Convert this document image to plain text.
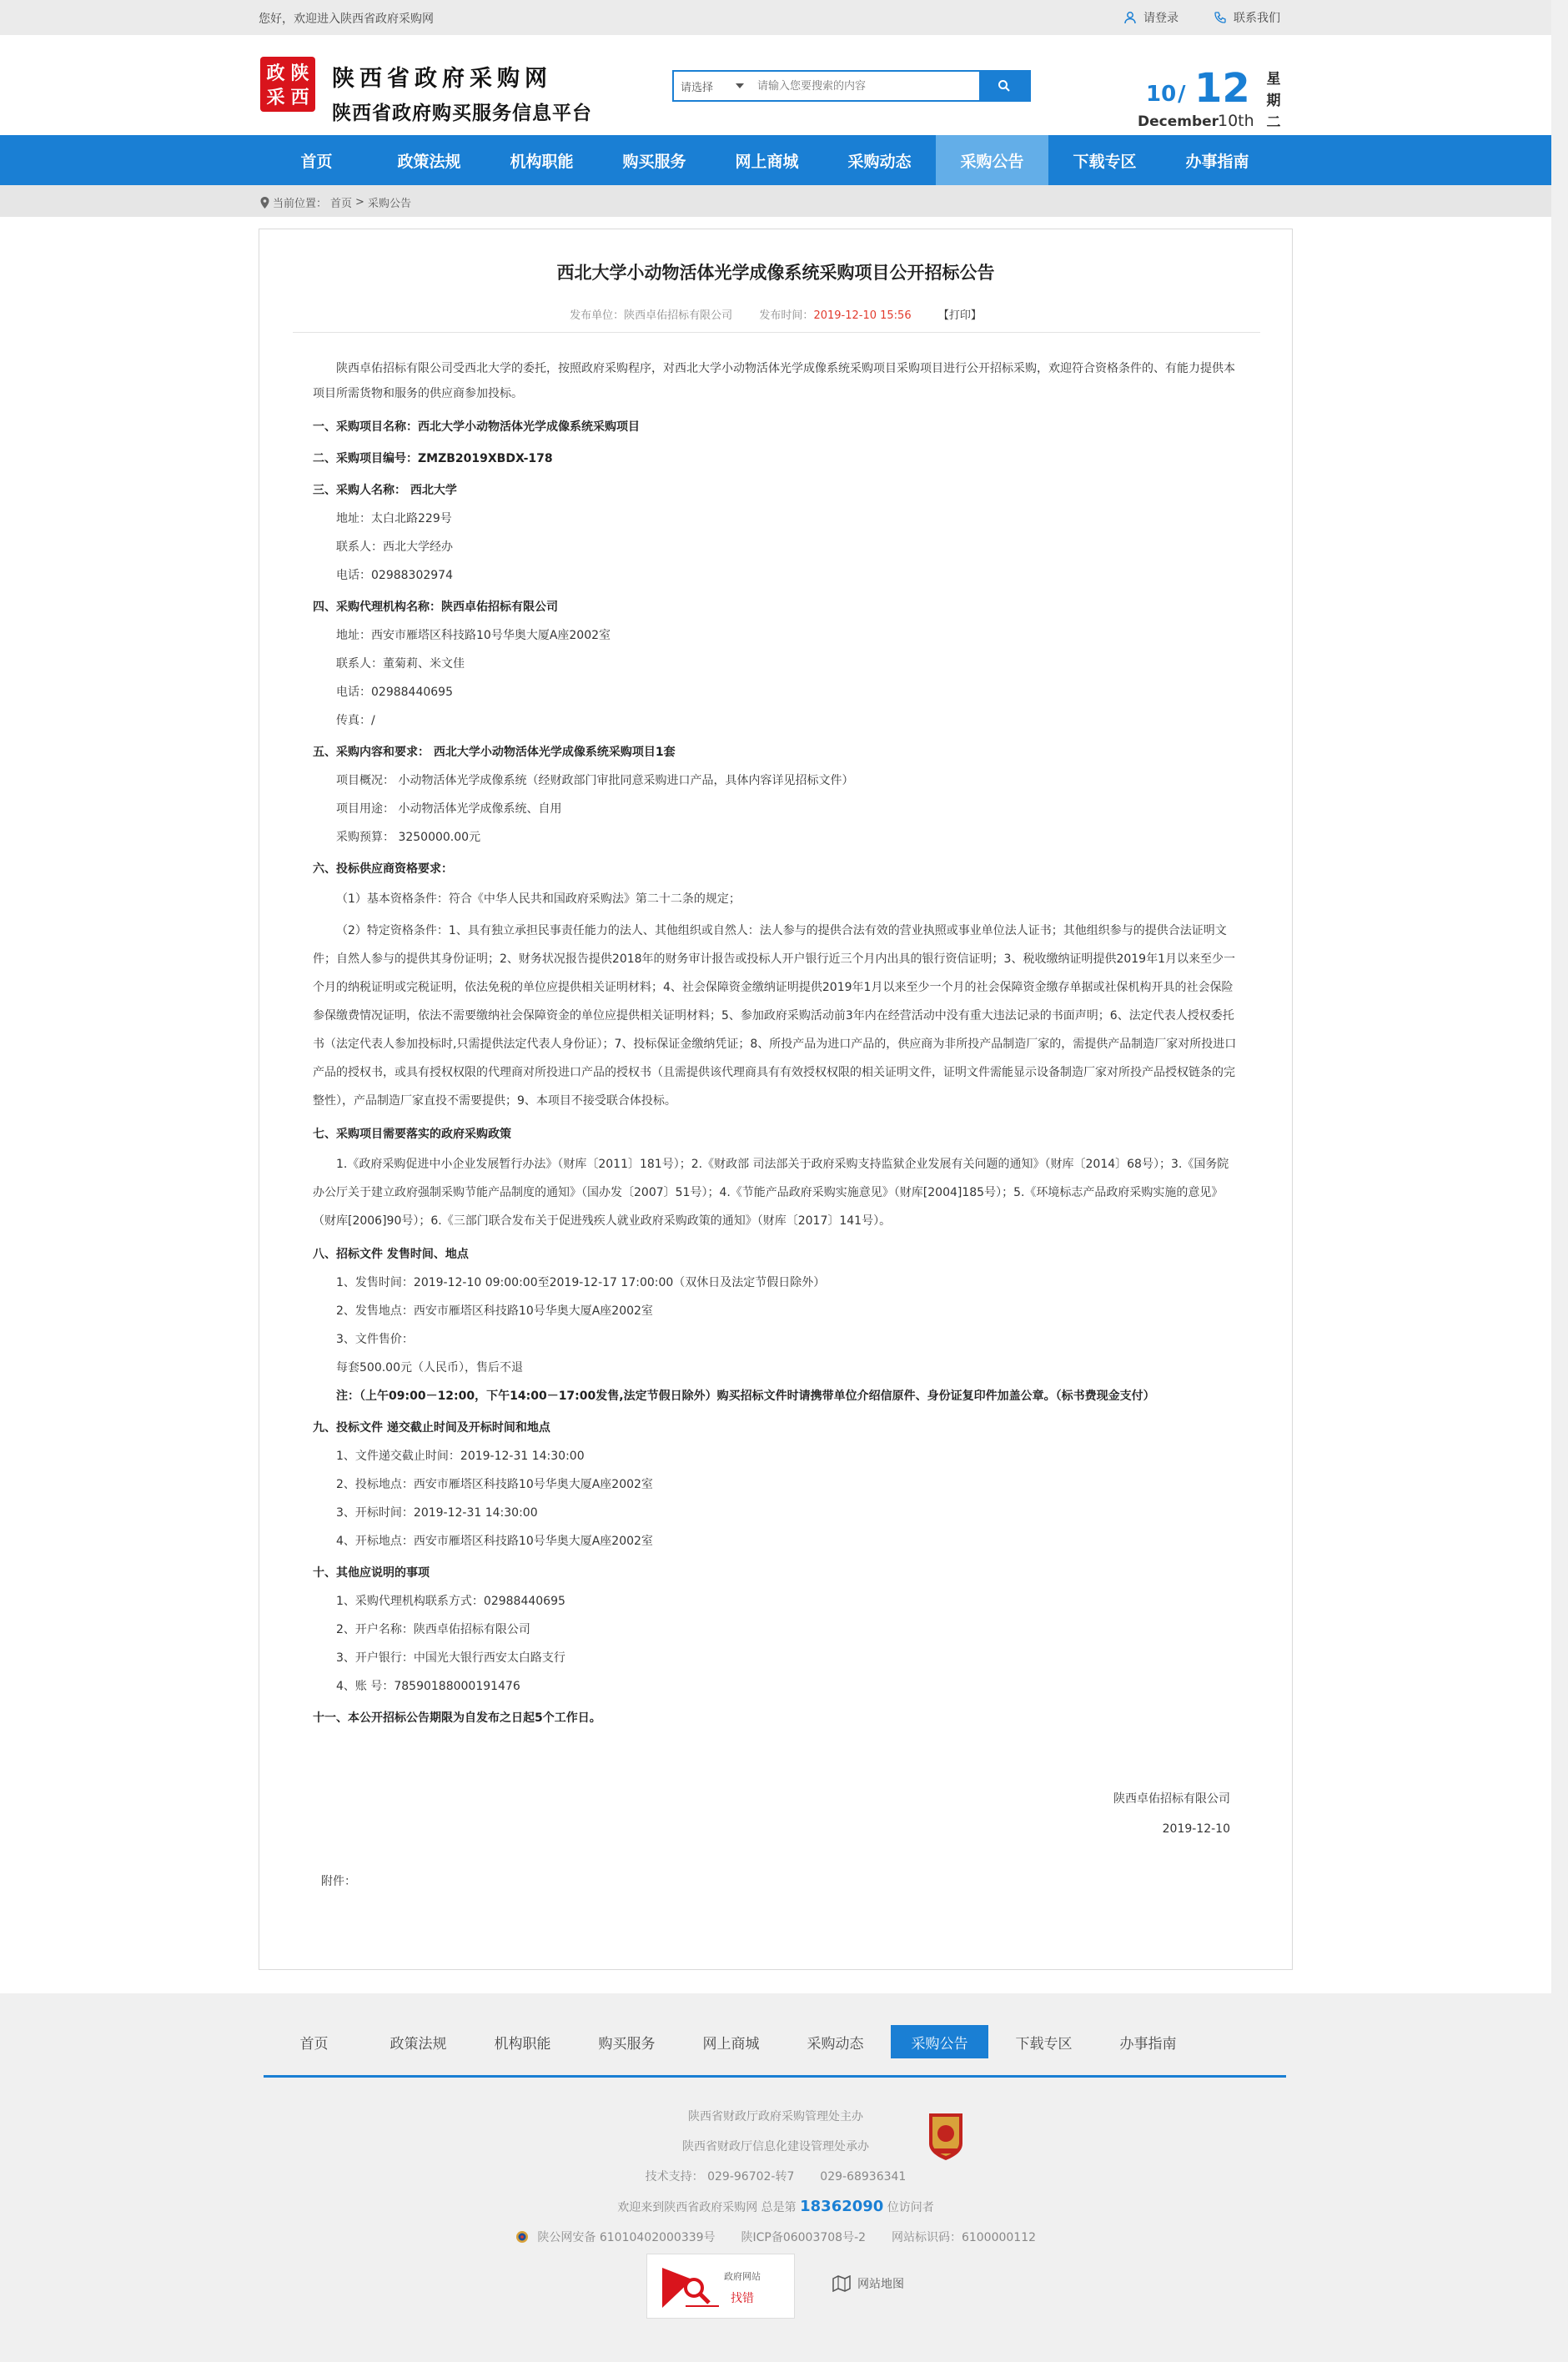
您好，欢迎进入陕西省政府采购网	请登录	联系我们
政 陕
采 西
陕西省政府采购网
陕西省政府购买服务信息平台
请选择
请输入您要搜索的内容	10 / 12
December
10th
星
期
二
首页	政策法规	机构职能	购买服务	网上商城	采购动态	采购公告	下载专区	办事指南
当前位置： 首页 > 采购公告
西北大学小动物活体光学成像系统采购项目公开招标公告
发布单位：陕西卓佑招标有限公司 发布时间：2019-12-10 15:56 【打印】

陕西卓佑招标有限公司受西北大学的委托，按照政府采购程序，对西北大学小动物活体光学成像系统采购项目采购项目进行公开招标采购，欢迎符合资格条件的、有能力提供本项目所需货物和服务的供应商参加投标。

一、采购项目名称：西北大学小动物活体光学成像系统采购项目
二、采购项目编号：ZMZB2019XBDX-178
三、采购人名称： 西北大学

地址：太白北路229号

联系人：西北大学经办

电话：02988302974

四、采购代理机构名称：陕西卓佑招标有限公司

地址：西安市雁塔区科技路10号华奥大厦A座2002室

联系人：董菊莉、米文佳

电话：02988440695

传真：/

五、采购内容和要求： 西北大学小动物活体光学成像系统采购项目1套

项目概况： 小动物活体光学成像系统（经财政部门审批同意采购进口产品，具体内容详见招标文件）

项目用途： 小动物活体光学成像系统、自用

采购预算： 3250000.00元

六、投标供应商资格要求：

（1）基本资格条件：符合《中华人民共和国政府采购法》第二十二条的规定；

（2）特定资格条件：1、具有独立承担民事责任能力的法人、其他组织或自然人：法人参与的提供合法有效的营业执照或事业单位法人证书；其他组织参与的提供合法证明文件；自然人参与的提供其身份证明；2、财务状况报告提供2018年的财务审计报告或投标人开户银行近三个月内出具的银行资信证明；3、税收缴纳证明提供2019年1月以来至少一个月的纳税证明或完税证明，依法免税的单位应提供相关证明材料；4、社会保障资金缴纳证明提供2019年1月以来至少一个月的社会保障资金缴存单据或社保机构开具的社会保险参保缴费情况证明，依法不需要缴纳社会保障资金的单位应提供相关证明材料；5、参加政府采购活动前3年内在经营活动中没有重大违法记录的书面声明；6、法定代表人授权委托书（法定代表人参加投标时,只需提供法定代表人身份证）；7、投标保证金缴纳凭证；8、所投产品为进口产品的，供应商为非所投产品制造厂家的，需提供产品制造厂家对所投进口产品的授权书，或具有授权权限的代理商对所投进口产品的授权书（且需提供该代理商具有有效授权权限的相关证明文件，证明文件需能显示设备制造厂家对所投产品授权链条的完整性），产品制造厂家直投不需要提供；9、本项目不接受联合体投标。

七、采购项目需要落实的政府采购政策

1.《政府采购促进中小企业发展暂行办法》（财库〔2011〕181号）；2.《财政部 司法部关于政府采购支持监狱企业发展有关问题的通知》（财库〔2014〕68号）；3.《国务院办公厅关于建立政府强制采购节能产品制度的通知》（国办发〔2007〕51号）；4.《节能产品政府采购实施意见》（财库[2004]185号）；5.《环境标志产品政府采购实施的意见》（财库[2006]90号）；6.《三部门联合发布关于促进残疾人就业政府采购政策的通知》（财库〔2017〕141号）。

八、招标文件 发售时间、地点

1、发售时间：2019-12-10 09:00:00至2019-12-17 17:00:00（双休日及法定节假日除外）

2、发售地点：西安市雁塔区科技路10号华奥大厦A座2002室

3、文件售价：

每套500.00元（人民币），售后不退

注：（上午09:00－12:00，下午14:00－17:00发售,法定节假日除外）购买招标文件时请携带单位介绍信原件、身份证复印件加盖公章。（标书费现金支付）

九、投标文件 递交截止时间及开标时间和地点

1、文件递交截止时间：2019-12-31 14:30:00

2、投标地点：西安市雁塔区科技路10号华奥大厦A座2002室

3、开标时间：2019-12-31 14:30:00

4、开标地点：西安市雁塔区科技路10号华奥大厦A座2002室

十、其他应说明的事项

1、采购代理机构联系方式：02988440695

2、开户名称：陕西卓佑招标有限公司

3、开户银行：中国光大银行西安太白路支行

4、账 号：78590188000191476

十一、本公开招标公告期限为自发布之日起5个工作日。
陕西卓佑招标有限公司
2019-12-10
附件：
首页	政策法规	机构职能	购买服务	网上商城	采购动态	采购公告	下载专区	办事指南

陕西省财政厅政府采购管理处主办

陕西省财政厅信息化建设管理处承办

技术支持： 029-96702-转7 029-68936341

欢迎来到陕西省政府采购网 总是第 18362090 位访问者

陕公网安备 61010402000339号 陕ICP备06003708号-2 网站标识码：6100000112

政府网站
找错
网站地图
